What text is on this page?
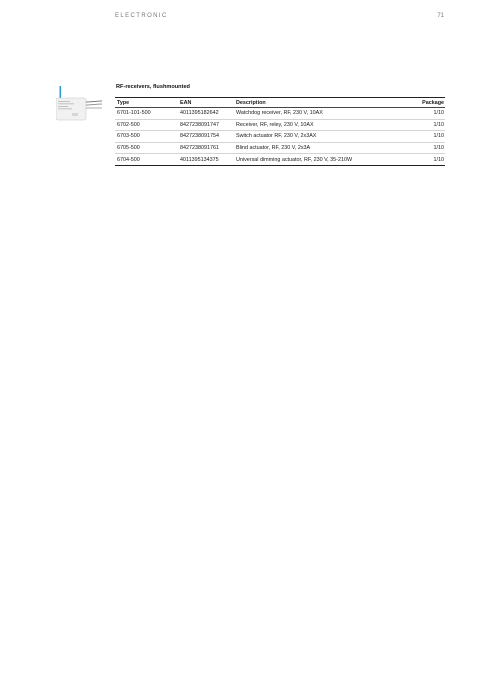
ELECTRONIC	71
RF-receivers, flushmounted
Type	EAN	Description	Package
6701-101-500	4011395182642	Watchdog receiver, RF, 230 V, 10AX	1/10
6702-500	8427238091747	Receiver, RF, reley, 230 V, 10AX	1/10
6703-500	8427238091754	Switch actuator RF, 230 V, 2x3AX	1/10
6705-500	8427238091761	Blind actuator, RF, 230 V, 2x3A	1/10
6704-500	4011395134375	Universal dimming actuator, RF, 230 V, 35-210W	1/10
